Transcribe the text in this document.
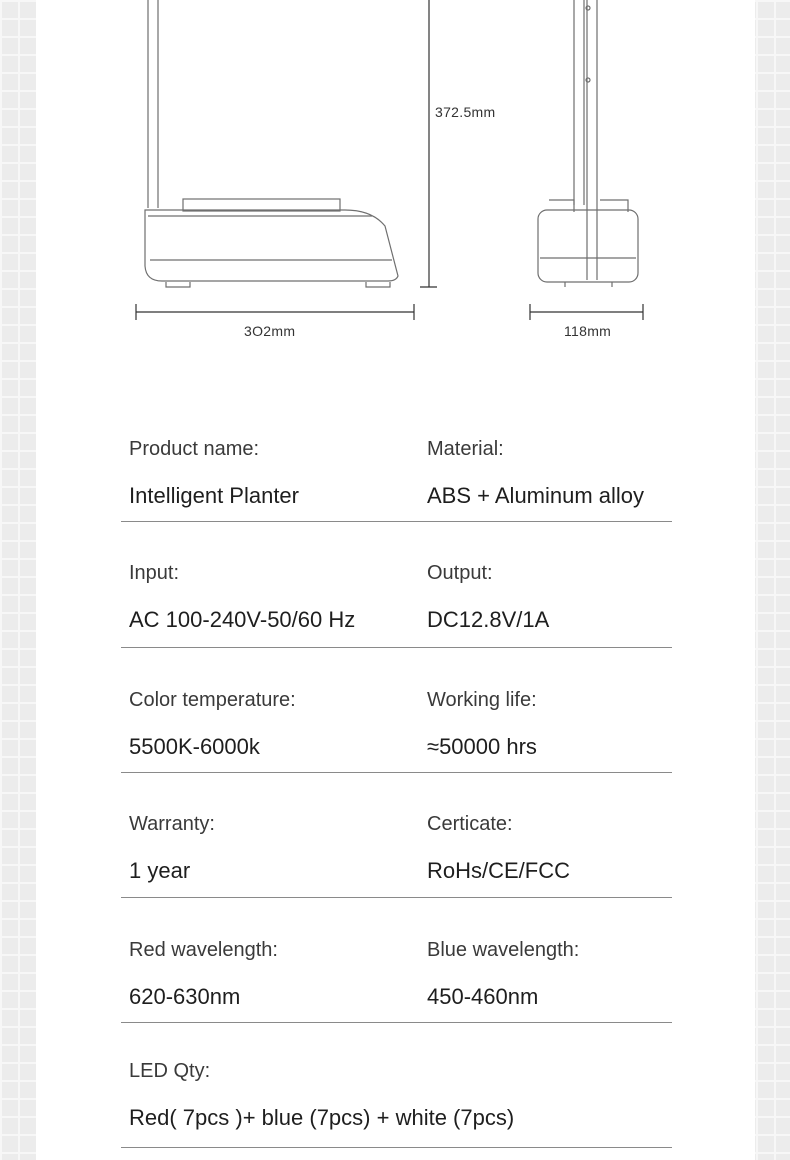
372.5mm
3O2mm	118mm
Product name:
Intelligent Planter
Material:
ABS + Aluminum alloy
Input:
AC 100-240V-50/60 Hz
Output:
DC12.8V/1A
Color temperature:
5500K-6000k
Working life:
≈50000 hrs
Warranty:
1 year
Certicate:
RoHs/CE/FCC
Red wavelength:
620-630nm
Blue wavelength:
450-460nm
LED Qty:
Red( 7pcs )+ blue (7pcs) + white (7pcs)
